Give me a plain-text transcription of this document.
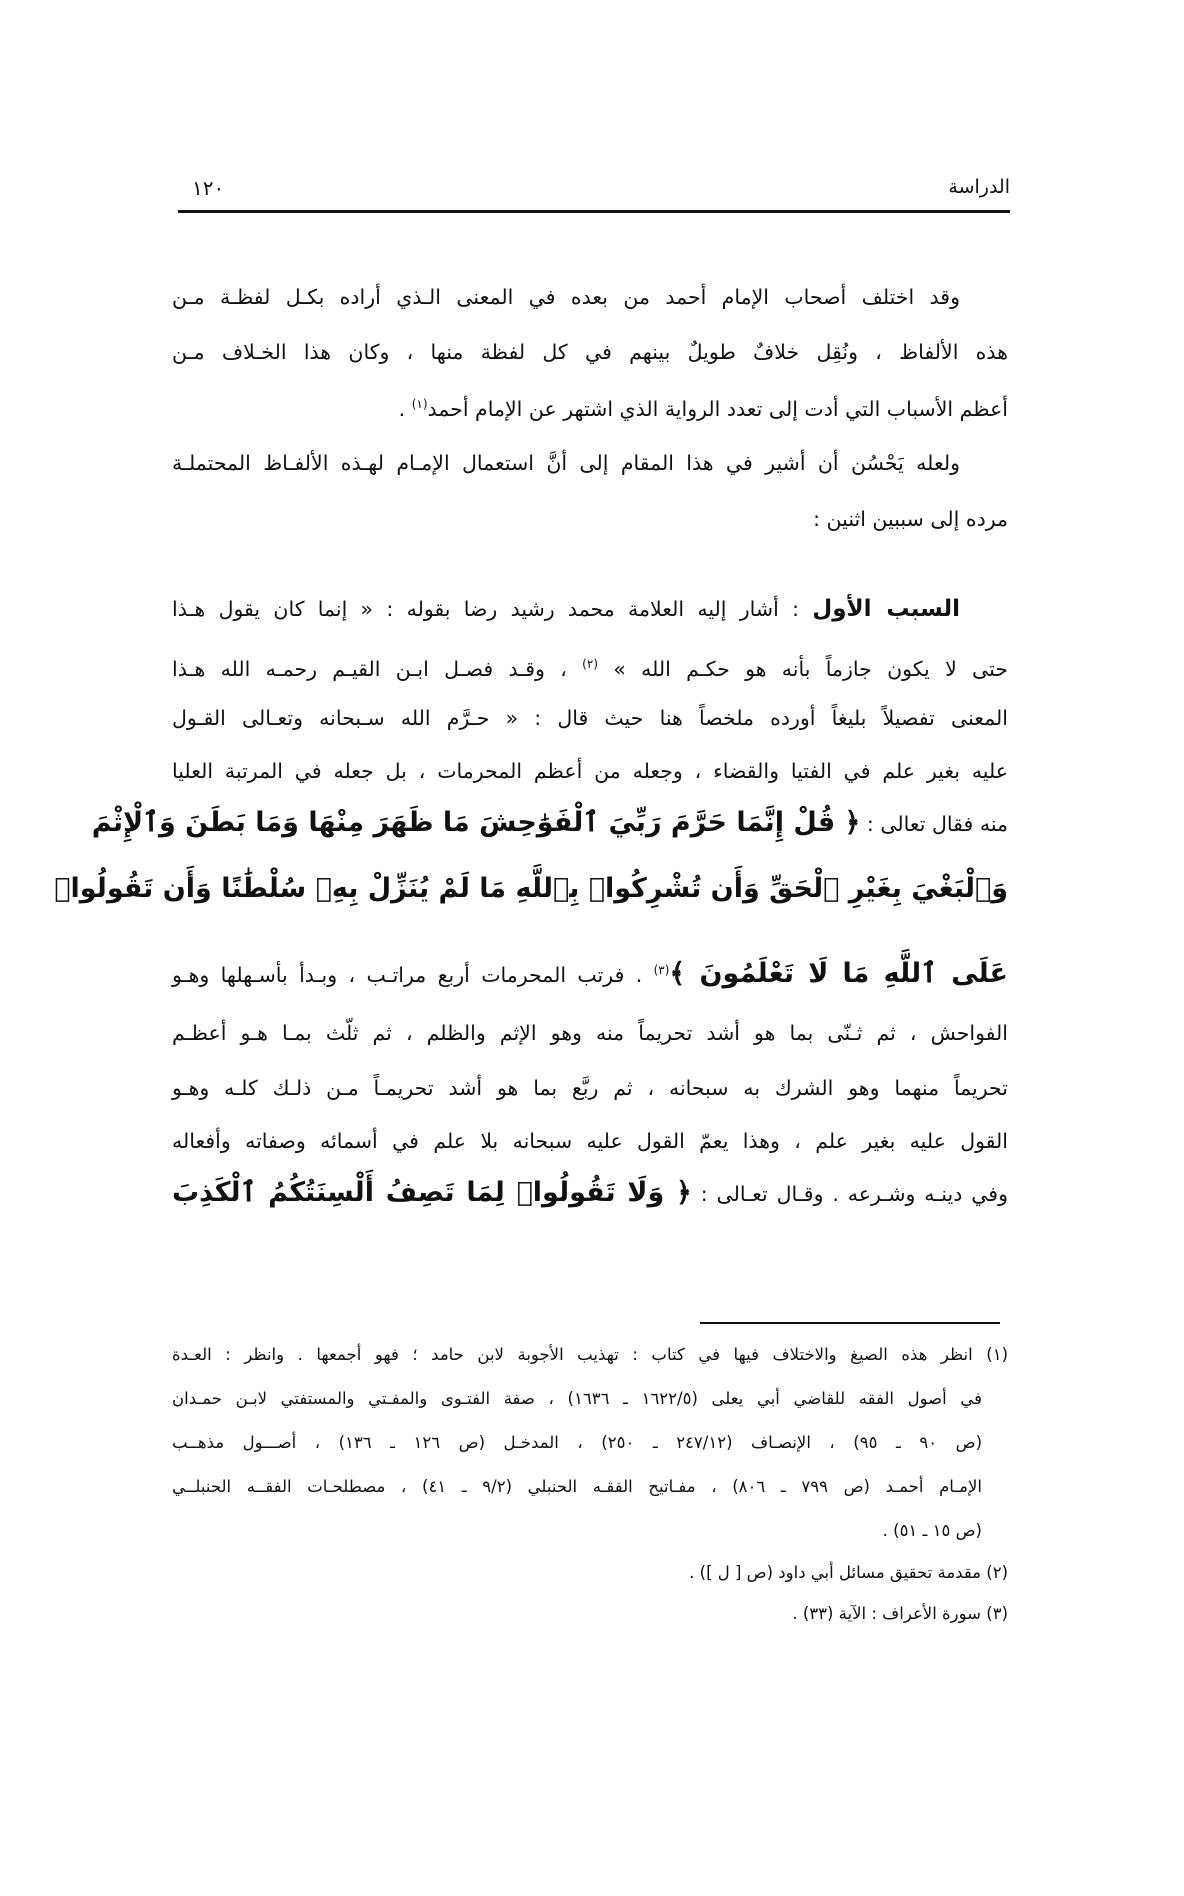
الدراسة
١٢٠
وقد اختلف أصحاب الإمام أحمد من بعده في المعنى الـذي أراده بكـل لفظـة مـن
هذه الألفاظ ، ونُقِل خلافٌ طويلٌ بينهم في كل لفظة منها ، وكان هذا الخـلاف مـن
أعظم الأسباب التي أدت إلى تعدد الرواية الذي اشتهر عن الإمام أحمد$^{(١)}$ .
ولعله يَحْسُن أن أشير في هذا المقام إلى أنَّ استعمال الإمـام لهـذه الألفـاظ المحتملـة
مرده إلى سببين اثنين :
السبب الأول : أشار إليه العلامة محمد رشيد رضا بقوله : « إنما كان يقول هـذا
حتى لا يكون جازماً بأنه هو حكـم الله » $^{(٢)}$ ، وقـد فصـل ابـن القيـم رحمـه الله هـذا
المعنى تفصيلاً بليغاً أورده ملخصاً هنا حيث قال : « حـرَّم الله سـبحانه وتعـالى القـول
عليه بغير علم في الفتيا والقضاء ، وجعله من أعظم المحرمات ، بل جعله في المرتبة العليا
منه فقال تعالى : ﴿ قُلْ إِنَّمَا حَرَّمَ رَبِّيَ ٱلْفَوَٰحِشَ مَا ظَهَرَ مِنْهَا وَمَا بَطَنَ وَٱلْإِثْمَ
وَٱلْبَغْيَ بِغَيْرِ ٱلْحَقِّ وَأَن تُشْرِكُوا۟ بِٱللَّهِ مَا لَمْ يُنَزِّلْ بِهِۦ سُلْطَٰنًا وَأَن تَقُولُوا۟
عَلَى ٱللَّهِ مَا لَا تَعْلَمُونَ ﴾$^{(٣)}$ . فرتب المحرمات أربع مراتـب ، وبـدأ بأسـهلها وهـو
الفواحش ، ثم ثـنّى بما هو أشد تحريماً منه وهو الإثم والظلم ، ثم ثلّث بمـا هـو أعظـم
تحريماً منهما وهو الشرك به سبحانه ، ثم ربَّع بما هو أشد تحريمـاً مـن ذلـك كلـه وهـو
القول عليه بغير علم ، وهذا يعمّ القول عليه سبحانه بلا علم في أسمائه وصفاته وأفعاله
وفي دينـه وشـرعه . وقـال تعـالى : ﴿ وَلَا تَقُولُوا۟ لِمَا تَصِفُ أَلْسِنَتُكُمُ ٱلْكَذِبَ
(١) انظر هذه الصيغ والاختلاف فيها في كتاب : تهذيب الأجوبة لابن حامد ؛ فهو أجمعها . وانظر : العـدة
في أصول الفقه للقاضي أبي يعلى (١٦٢٢/٥ ـ ١٦٣٦) ، صفة الفتـوى والمفـتي والمستفتي لابـن حمـدان
(ص ٩٠ ـ ٩٥) ، الإنصـاف (٢٤٧/١٢ ـ ٢٥٠) ، المدخـل (ص ١٢٦ ـ ١٣٦) ، أصـــول مذهــب
الإمـام أحمـد (ص ٧٩٩ ـ ٨٠٦) ، مفـاتيح الفقـه الحنبلي (٩/٢ ـ ٤١) ، مصطلحـات الفقــه الحنبلــي
(ص ١٥ ـ ٥١) .
(٢) مقدمة تحقيق مسائل أبي داود (ص [ ل ]) .
(٣) سورة الأعراف : الآية (٣٣) .
